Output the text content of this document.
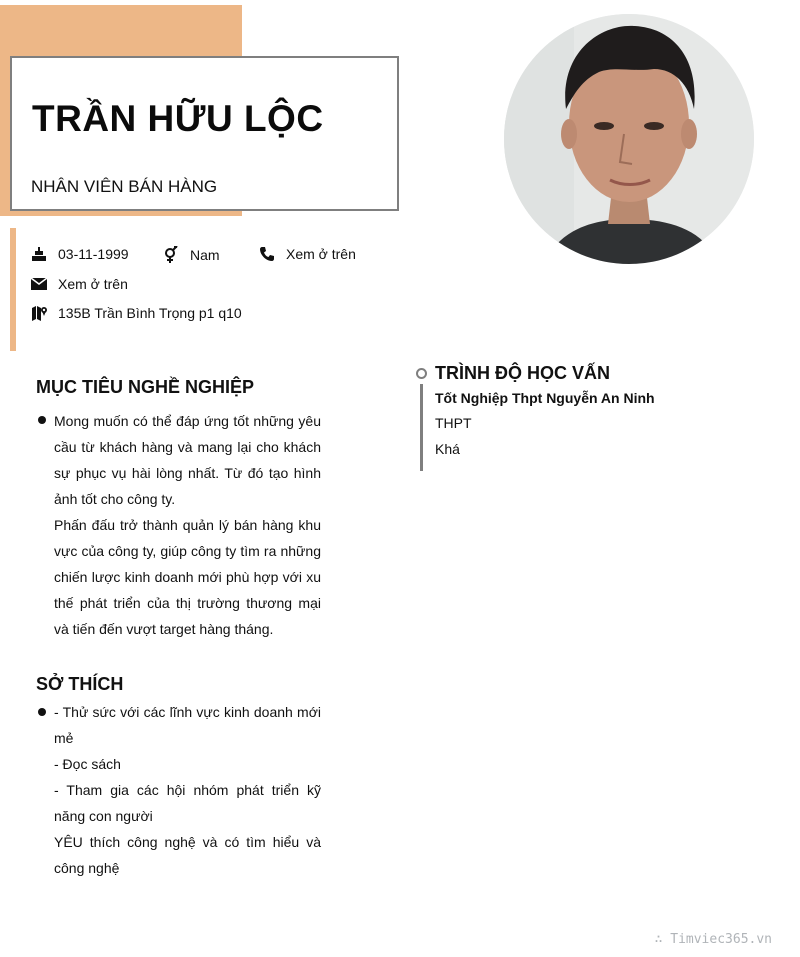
TRẦN HỮU LỘC
NHÂN VIÊN BÁN HÀNG
03-11-1999	Nam	Xem ở trên
Xem ở trên
135B Trần Bình Trọng p1 q10
MỤC TIÊU NGHỀ NGHIỆP

Mong muốn có thể đáp ứng tốt những yêu cầu từ khách hàng và mang lại cho khách sự phục vụ hài lòng nhất. Từ đó tạo hình ảnh tốt cho công ty.

Phấn đấu trở thành quản lý bán hàng khu vực của công ty, giúp công ty tìm ra những chiến lược kinh doanh mới phù hợp với xu thế phát triển của thị trường thương mại và tiến đến vượt target hàng tháng.

SỞ THÍCH

- Thử sức với các lĩnh vực kinh doanh mới mẻ

- Đọc sách

- Tham gia các hội nhóm phát triển kỹ năng con người

YÊU thích công nghệ và có tìm hiểu và công nghệ

TRÌNH ĐỘ HỌC VẤN
Tốt Nghiệp Thpt Nguyễn An Ninh
THPT
Khá
∴ Timviec365.vn
